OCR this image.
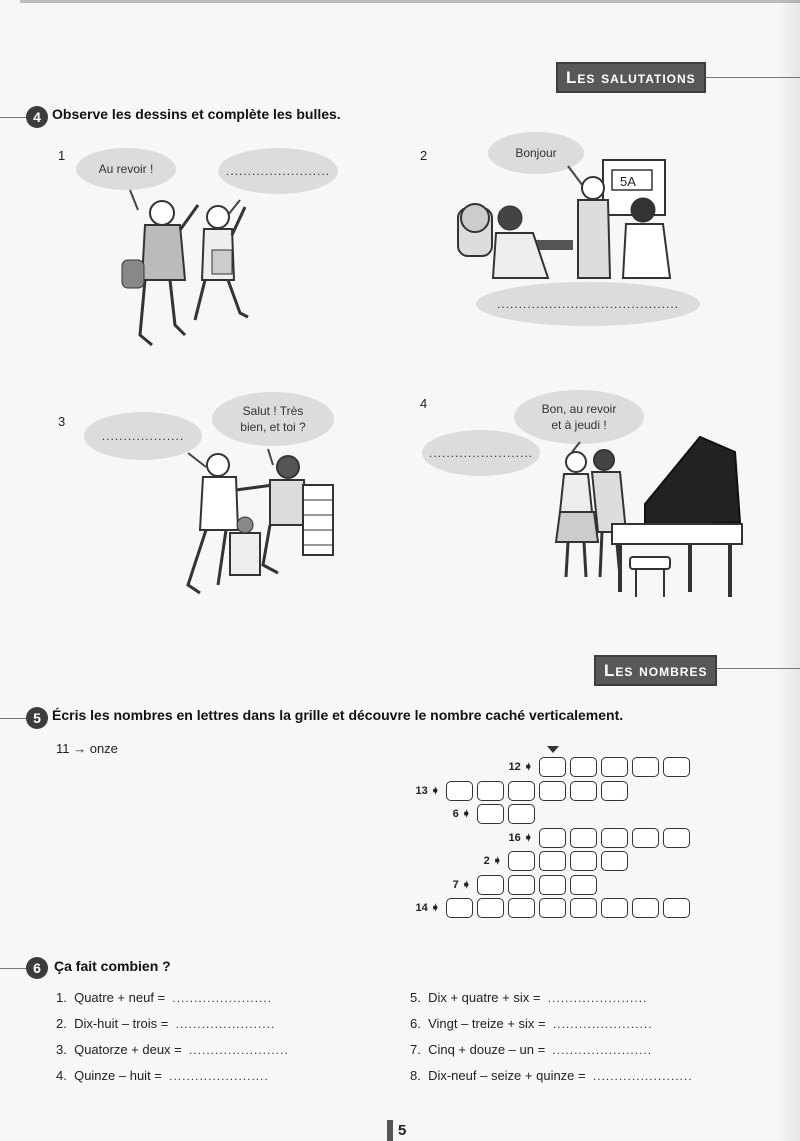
Les salutations
4 Observe les dessins et complète les bulles.
1
Au revoir !	........................
2	Bonjour
5A
..........................................
3
...................
Salut ! Très
bien, et toi ?
4
........................
Bon, au revoir
et à jeudi !
Les nombres
5 Écris les nombres en lettres dans la grille et découvre le nombre caché verticalement.
11 → onze
12 ➧
13 ➧
6 ➧
16 ➧
2 ➧
7 ➧
14 ➧
6 Ça fait combien ?
1. Quatre + neuf = .......................
2. Dix-huit – trois = .......................
3. Quatorze + deux = .......................
4. Quinze – huit = .......................
5. Dix + quatre + six = .......................
6. Vingt – treize + six = .......................
7. Cinq + douze – un = .......................
8. Dix-neuf – seize + quinze = .......................
5
